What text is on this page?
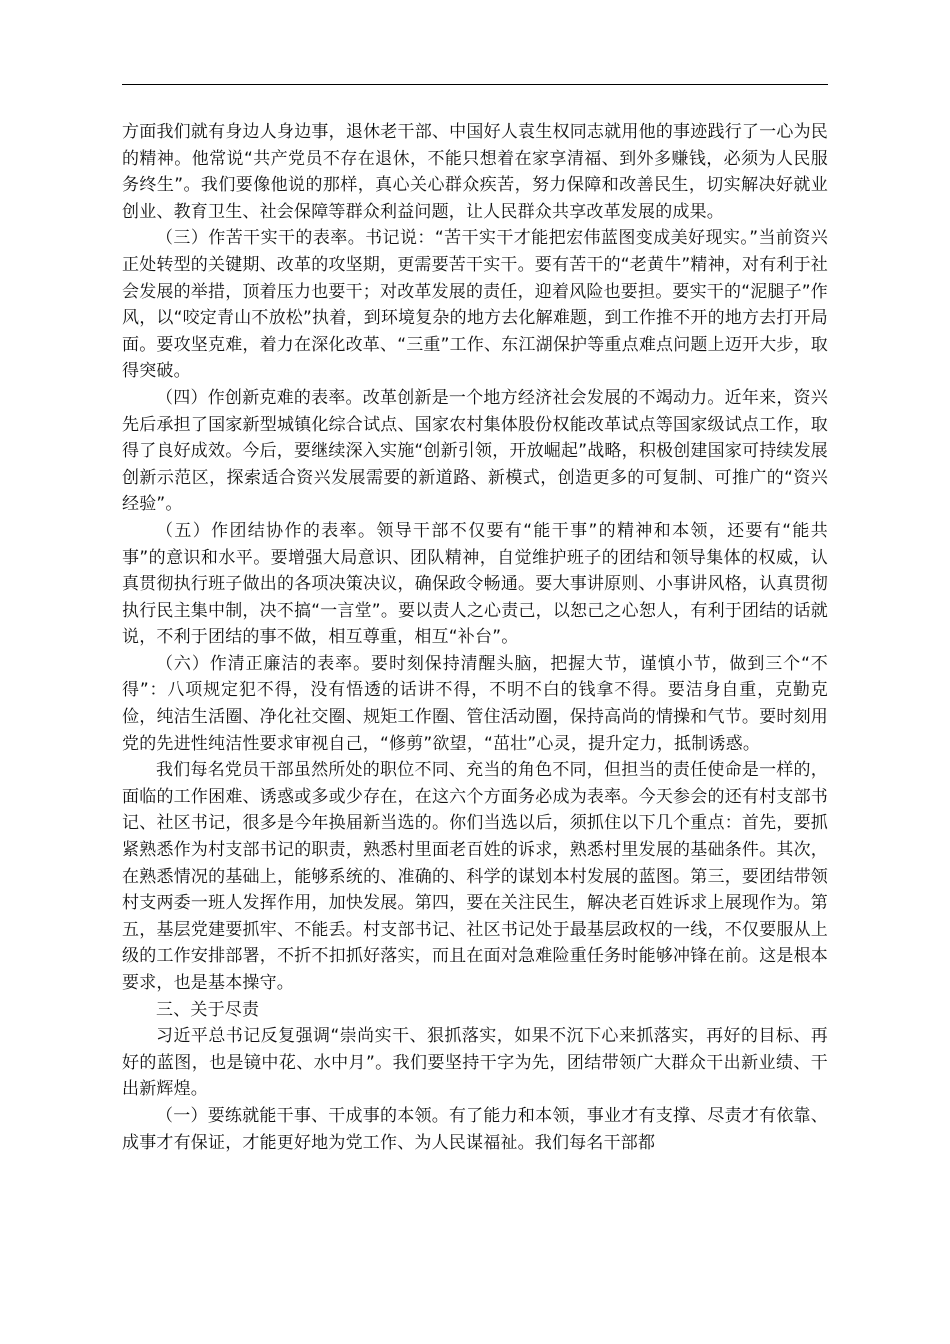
方面我们就有身边人身边事，退休老干部、中国好人袁生权同志就用他的事迹践行了一心为民的精神。他常说“共产党员不存在退休，不能只想着在家享清福、到外多赚钱，必须为人民服务终生”。我们要像他说的那样，真心关心群众疾苦，努力保障和改善民生，切实解决好就业创业、教育卫生、社会保障等群众利益问题，让人民群众共享改革发展的成果。

（三）作苦干实干的表率。书记说：“苦干实干才能把宏伟蓝图变成美好现实。”当前资兴正处转型的关键期、改革的攻坚期，更需要苦干实干。要有苦干的“老黄牛”精神，对有利于社会发展的举措，顶着压力也要干；对改革发展的责任，迎着风险也要担。要实干的“泥腿子”作风，以“咬定青山不放松”执着，到环境复杂的地方去化解难题，到工作推不开的地方去打开局面。要攻坚克难，着力在深化改革、“三重”工作、东江湖保护等重点难点问题上迈开大步，取得突破。

（四）作创新克难的表率。改革创新是一个地方经济社会发展的不竭动力。近年来，资兴先后承担了国家新型城镇化综合试点、国家农村集体股份权能改革试点等国家级试点工作，取得了良好成效。今后，要继续深入实施“创新引领，开放崛起”战略，积极创建国家可持续发展创新示范区，探索适合资兴发展需要的新道路、新模式，创造更多的可复制、可推广的“资兴经验”。

（五）作团结协作的表率。领导干部不仅要有“能干事”的精神和本领，还要有“能共事”的意识和水平。要增强大局意识、团队精神，自觉维护班子的团结和领导集体的权威，认真贯彻执行班子做出的各项决策决议，确保政令畅通。要大事讲原则、小事讲风格，认真贯彻执行民主集中制，决不搞“一言堂”。要以责人之心责己，以恕己之心恕人，有利于团结的话就说，不利于团结的事不做，相互尊重，相互“补台”。

（六）作清正廉洁的表率。要时刻保持清醒头脑，把握大节，谨慎小节，做到三个“不得”：八项规定犯不得，没有悟透的话讲不得，不明不白的钱拿不得。要洁身自重，克勤克俭，纯洁生活圈、净化社交圈、规矩工作圈、管住活动圈，保持高尚的情操和气节。要时刻用党的先进性纯洁性要求审视自己，“修剪”欲望，“茁壮”心灵，提升定力，抵制诱惑。

我们每名党员干部虽然所处的职位不同、充当的角色不同，但担当的责任使命是一样的，面临的工作困难、诱惑或多或少存在，在这六个方面务必成为表率。今天参会的还有村支部书记、社区书记，很多是今年换届新当选的。你们当选以后，须抓住以下几个重点：首先，要抓紧熟悉作为村支部书记的职责，熟悉村里面老百姓的诉求，熟悉村里发展的基础条件。其次，在熟悉情况的基础上，能够系统的、准确的、科学的谋划本村发展的蓝图。第三，要团结带领村支两委一班人发挥作用，加快发展。第四，要在关注民生，解决老百姓诉求上展现作为。第五，基层党建要抓牢、不能丢。村支部书记、社区书记处于最基层政权的一线，不仅要服从上级的工作安排部署，不折不扣抓好落实，而且在面对急难险重任务时能够冲锋在前。这是根本要求，也是基本操守。

三、关于尽责

习近平总书记反复强调“崇尚实干、狠抓落实，如果不沉下心来抓落实，再好的目标、再好的蓝图，也是镜中花、水中月”。我们要坚持干字为先，团结带领广大群众干出新业绩、干出新辉煌。

（一）要练就能干事、干成事的本领。有了能力和本领，事业才有支撑、尽责才有依靠、成事才有保证，才能更好地为党工作、为人民谋福祉。我们每名干部都
